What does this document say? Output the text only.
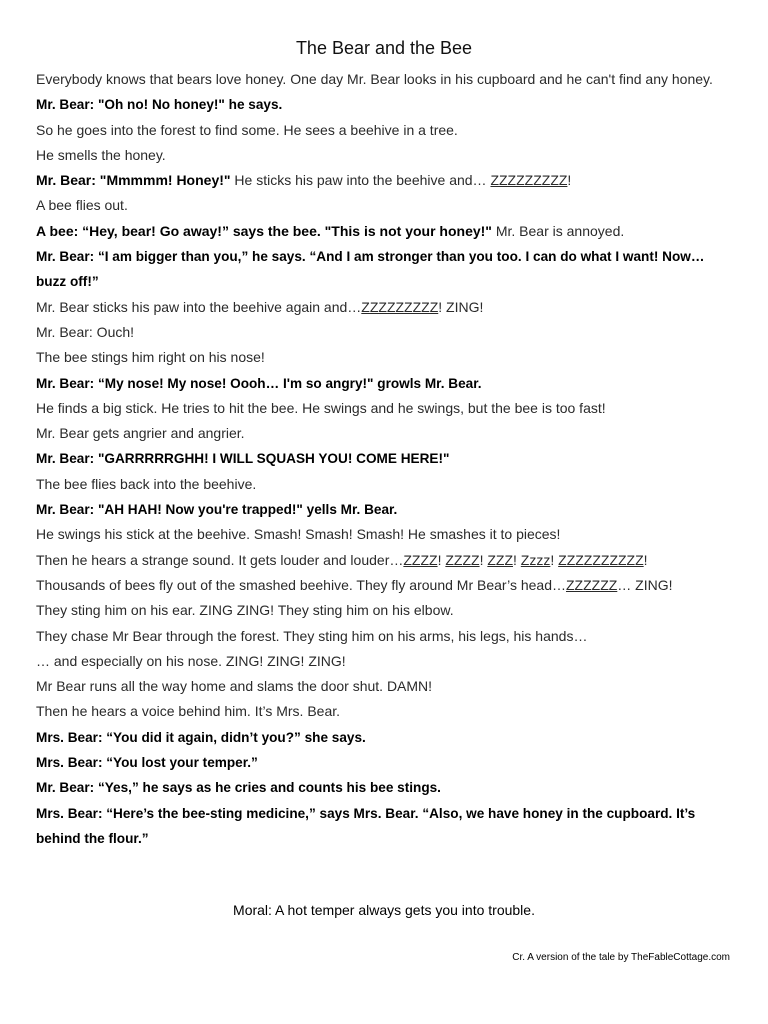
The Bear and the Bee
Everybody knows that bears love honey. One day Mr. Bear looks in his cupboard and he can't find any honey.
Mr. Bear: "Oh no! No honey!" he says.
So he goes into the forest to find some. He sees a beehive in a tree.
He smells the honey.
Mr. Bear: "Mmmmm! Honey!" He sticks his paw into the beehive and… ZZZZZZZZZ!
A bee flies out.
A bee: “Hey, bear! Go away!” says the bee. "This is not your honey!" Mr. Bear is annoyed.
Mr. Bear: “I am bigger than you,” he says. “And I am stronger than you too. I can do what I want! Now… buzz off!”
Mr. Bear sticks his paw into the beehive again and…ZZZZZZZZZ! ZING!
Mr. Bear: Ouch!
The bee stings him right on his nose!
Mr. Bear: “My nose! My nose! Oooh… I'm so angry!" growls Mr. Bear.
He finds a big stick. He tries to hit the bee. He swings and he swings, but the bee is too fast!
Mr. Bear gets angrier and angrier.
Mr. Bear: "GARRRRRGHH! I WILL SQUASH YOU! COME HERE!"
The bee flies back into the beehive.
Mr. Bear: "AH HAH! Now you're trapped!" yells Mr. Bear.
He swings his stick at the beehive. Smash! Smash! Smash! He smashes it to pieces!
Then he hears a strange sound. It gets louder and louder…ZZZZ! ZZZZ! ZZZ! Zzzz! ZZZZZZZZZZ!
Thousands of bees fly out of the smashed beehive. They fly around Mr Bear’s head…ZZZZZZ… ZING!
They sting him on his ear. ZING ZING! They sting him on his elbow.
They chase Mr Bear through the forest. They sting him on his arms, his legs, his hands…
… and especially on his nose. ZING! ZING! ZING!
Mr Bear runs all the way home and slams the door shut. DAMN!
Then he hears a voice behind him. It’s Mrs. Bear.
Mrs. Bear: “You did it again, didn’t you?” she says.
Mrs. Bear: “You lost your temper.”
Mr. Bear: “Yes,” he says as he cries and counts his bee stings.
Mrs. Bear: “Here’s the bee-sting medicine,” says Mrs. Bear. “Also, we have honey in the cupboard. It’s behind the flour.”
Moral: A hot temper always gets you into trouble.
Cr. A version of the tale by TheFableCottage.com
